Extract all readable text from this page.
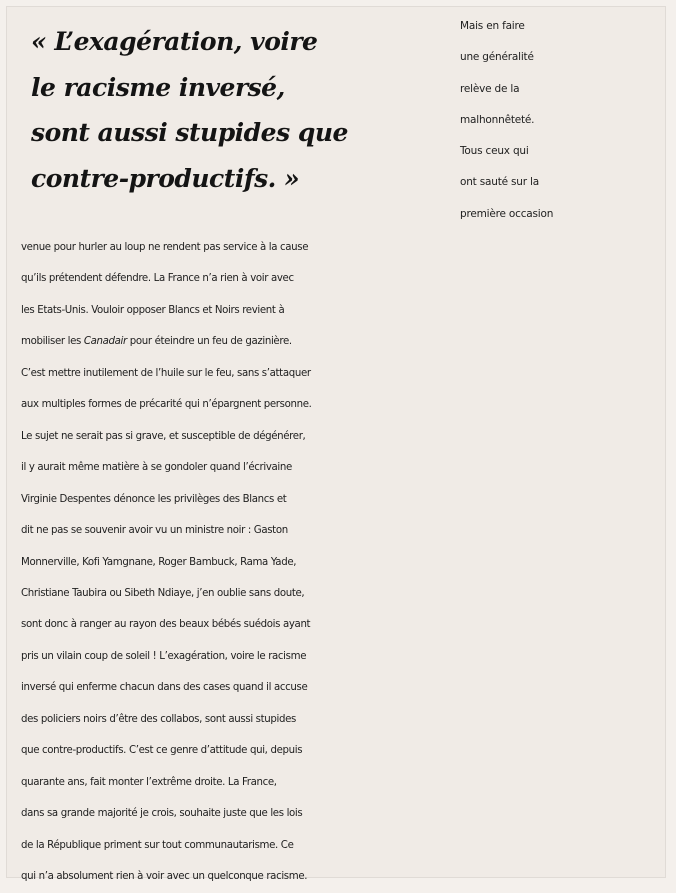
« L’exagération, voire
le racisme inversé,
sont aussi stupides que
contre-productifs. »
Mais en faire
une généralité
relève de la
malhonnêteté.
Tous ceux qui
ont sauté sur la
première occasion
venue pour hurler au loup ne rendent pas service à la cause
qu’ils prétendent défendre. La France n’a rien à voir avec
les Etats-Unis. Vouloir opposer Blancs et Noirs revient à
mobiliser les Canadair pour éteindre un feu de gazinière.
C’est mettre inutilement de l’huile sur le feu, sans s’attaquer
aux multiples formes de précarité qui n’épargnent personne.
Le sujet ne serait pas si grave, et susceptible de dégénérer,
il y aurait même matière à se gondoler quand l’écrivaine
Virginie Despentes dénonce les privilèges des Blancs et
dit ne pas se souvenir avoir vu un ministre noir : Gaston
Monnerville, Kofi Yamgnane, Roger Bambuck, Rama Yade,
Christiane Taubira ou Sibeth Ndiaye, j’en oublie sans doute,
sont donc à ranger au rayon des beaux bébés suédois ayant
pris un vilain coup de soleil ! L’exagération, voire le racisme
inversé qui enferme chacun dans des cases quand il accuse
des policiers noirs d’être des collabos, sont aussi stupides
que contre-productifs. C’est ce genre d’attitude qui, depuis
quarante ans, fait monter l’extrême droite. La France,
dans sa grande majorité je crois, souhaite juste que les lois
de la République priment sur tout communautarisme. Ce
qui n’a absolument rien à voir avec un quelconque racisme.
